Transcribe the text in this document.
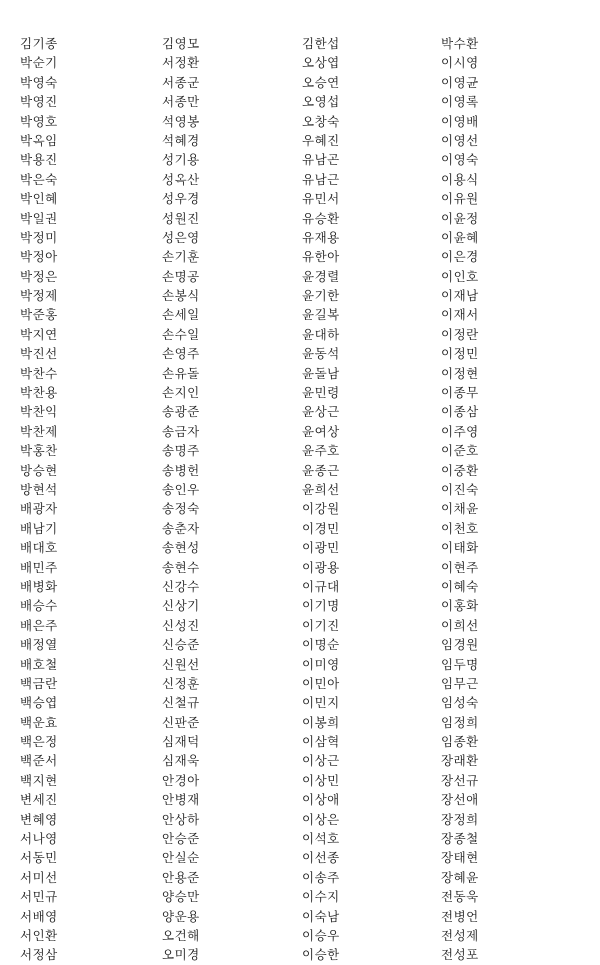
김기종	김영모	김한섭	박수환
박순기	서정환	오상엽	이시영
박영숙	서종군	오승연	이영균
박영진	서종만	오영섭	이영록
박영호	석영봉	오창숙	이영배
박옥임	석혜경	우혜진	이영선
박용진	성기용	유남곤	이영숙
박은숙	성옥산	유남근	이용식
박인혜	성우경	유민서	이유원
박일권	성원진	유승환	이윤정
박정미	성은영	유재용	이윤혜
박정아	손기훈	유한아	이은경
박정은	손명공	윤경렬	이인호
박정제	손봉식	윤기한	이재남
박준홍	손세일	윤길복	이재서
박지연	손수일	윤대하	이정란
박진선	손영주	윤동석	이정민
박찬수	손유돌	윤돌남	이정현
박찬용	손지인	윤민령	이종무
박찬익	송광준	윤상근	이종삼
박찬제	송금자	윤여상	이주영
박홍찬	송명주	윤주호	이준호
방승현	송병헌	윤종근	이중환
방현석	송인우	윤희선	이진숙
배광자	송정숙	이강원	이채윤
배남기	송춘자	이경민	이천호
배대호	송현성	이광민	이태화
배민주	송현수	이광용	이현주
배병화	신강수	이규대	이혜숙
배승수	신상기	이기명	이홍화
배은주	신성진	이기진	이희선
배정열	신승준	이명순	임경원
배호철	신원선	이미영	임두명
백금란	신정훈	이민아	임무근
백승엽	신철규	이민지	임성숙
백운효	신판준	이봉희	임정희
백은정	심재덕	이삼혁	임종환
백준서	심재욱	이상근	장래환
백지현	안경아	이상민	장선규
변세진	안병재	이상애	장선애
변혜영	안상하	이상은	장정희
서나영	안승준	이석호	장종철
서동민	안실순	이선종	장태현
서미선	안용준	이송주	장혜윤
서민규	양승만	이수지	전동욱
서배영	양운용	이숙남	전병언
서인환	오건해	이승우	전성제
서정삼	오미경	이승한	전성포
